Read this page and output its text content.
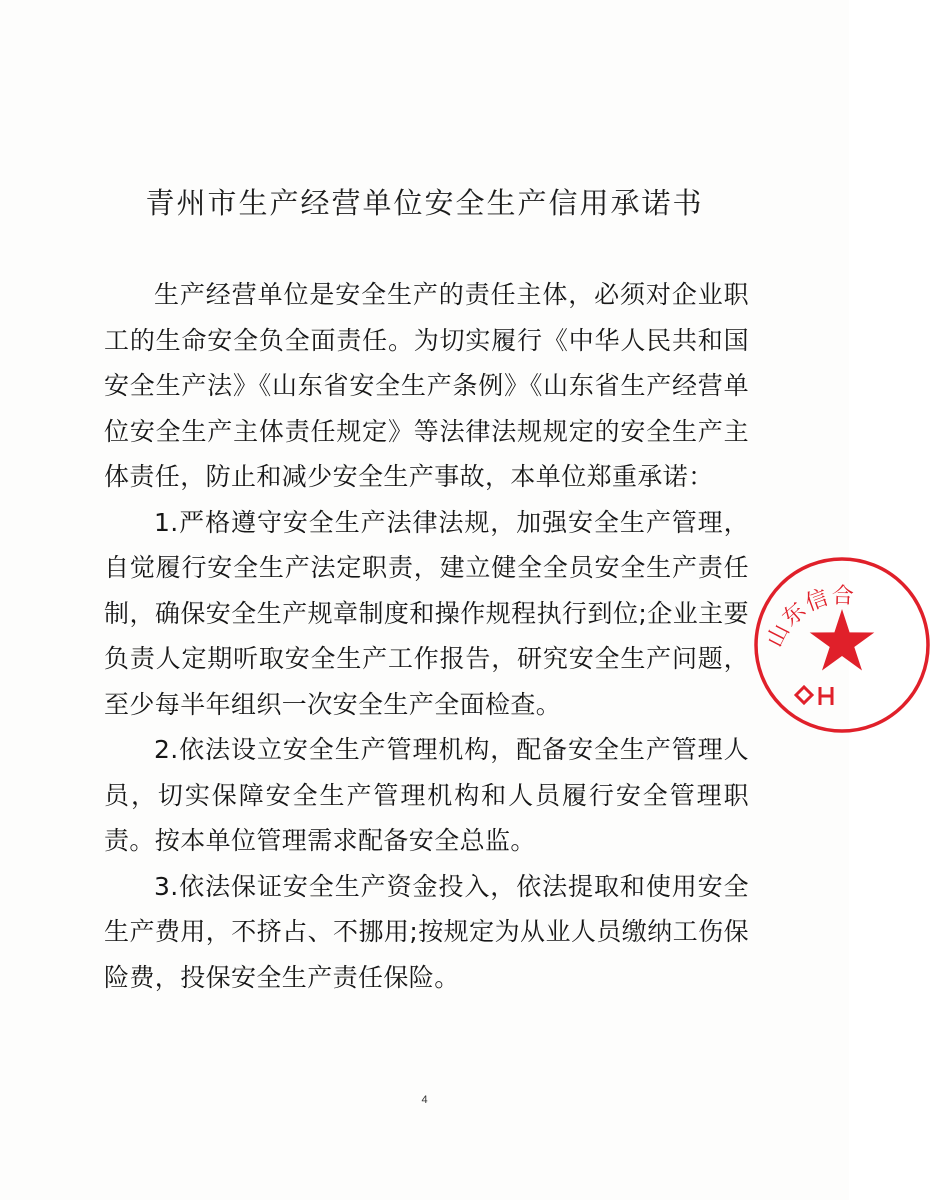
青州市生产经营单位安全生产信用承诺书

生产经营单位是安全生产的责任主体，必须对企业职工的生命安全负全面责任。为切实履行《中华人民共和国安全生产法》《山东省安全生产条例》《山东省生产经营单位安全生产主体责任规定》等法律法规规定的安全生产主体责任，防止和减少安全生产事故，本单位郑重承诺：

1.严格遵守安全生产法律法规，加强安全生产管理，自觉履行安全生产法定职责，建立健全全员安全生产责任制，确保安全生产规章制度和操作规程执行到位;企业主要负责人定期听取安全生产工作报告，研究安全生产问题，至少每半年组织一次安全生产全面检查。

2.依法设立安全生产管理机构，配备安全生产管理人员，切实保障安全生产管理机构和人员履行安全管理职责。按本单位管理需求配备安全总监。

3.依法保证安全生产资金投入，依法提取和使用安全生产费用，不挤占、不挪用;按规定为从业人员缴纳工伤保险费，投保安全生产责任保险。

山东信合
4
